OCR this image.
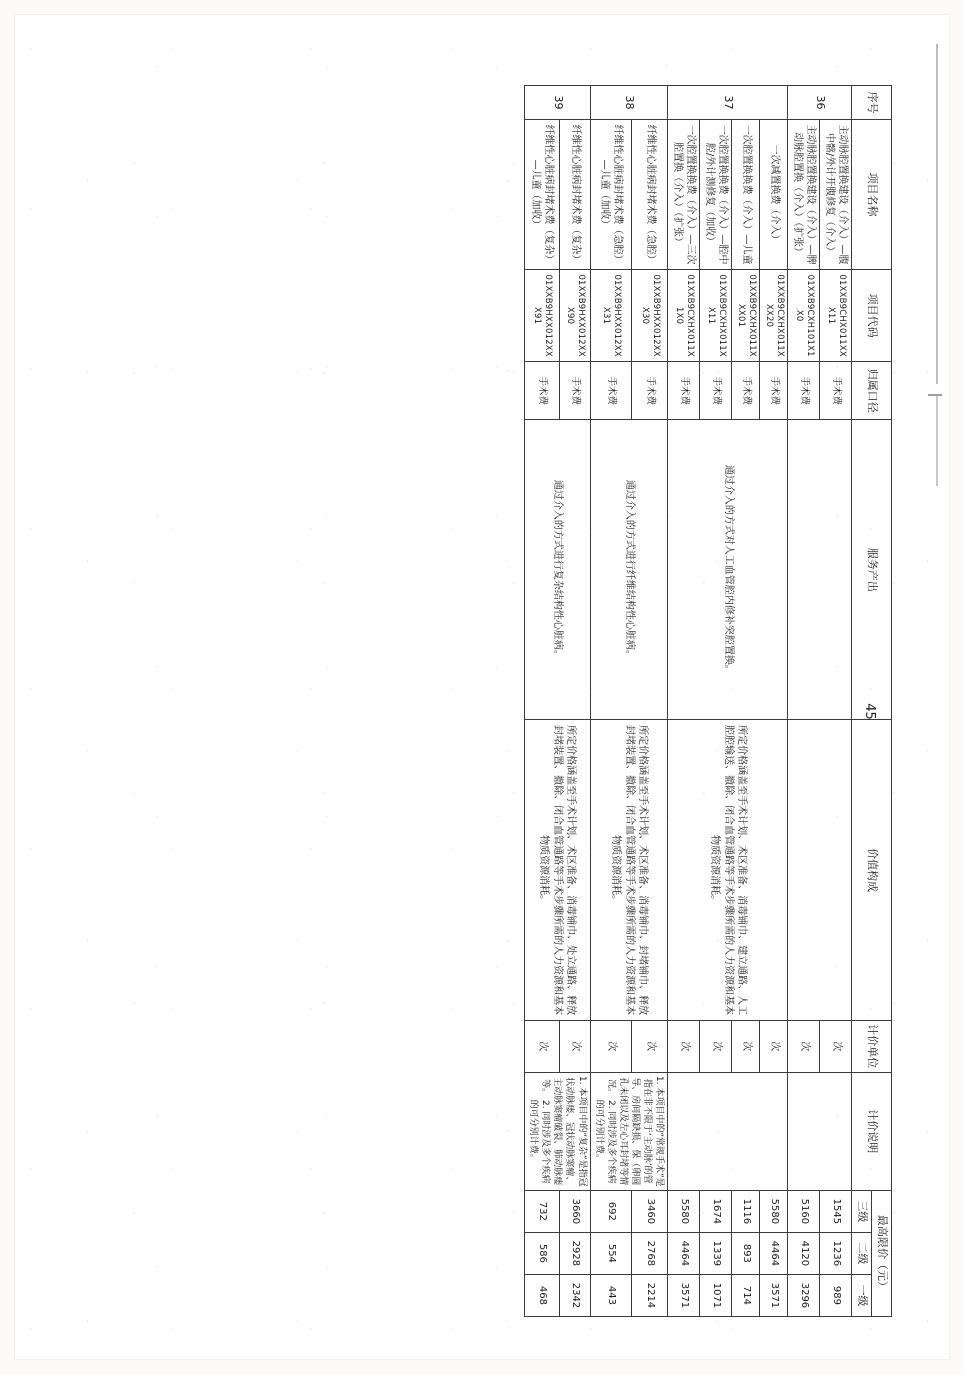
序号	项目名称	项目代码	归属口径	服务产出	价值构成	计价单位	计价说明	最高限价（元）		
								三级	二级	一级
36	主动脉腔置换建设（介入）—腹中髂/外计开腹修复（介入）	01XXB9CHX011XXX11	手术费			次		1545	1236	989
	主动脉腔置换建设（介入）—脾动脉腔置换（介入）（扩张）	01XXB9CXH101X1X0	手术费			次		5160	4120	3296
37	一次减置换费（介入）	01XXB9CXHX011XXX20	手术费	通过介入的方式对人工血管腔内修补突腔置换。	所定价格涵盖至手术计划、术区准备、消毒铺巾、建立通路、人工腔腔输送、撤除、闭合血管通路等手术步骤所需的人力资源和基本物质资源消耗。	次		5580	4464	3571
	一次腔置换换费（介入）—儿童	01XXB9CXHX011XXX01	手术费			次		1116	893	714
	一次腔置换换费（介入）—腔中腔/外计测修复（加收）	01XXB9CXHX011XX11	手术费			次		1674	1339	1071
	一次腔置换换费（介入）—三次腔置换（介入）（扩张）	01XXB9CXHX011X1X0	手术费			次		5580	4464	3571
38	纤维性心脏病封堵术费（急腔）	01XXB9HXX012XXX30	手术费	通过介入的方式进行纤维结构性心脏病。	所定价格涵盖至手术计划、术区准备、消毒铺巾、封堵铺巾、释放封堵装置、撤除、闭合血管通路等手术步骤所需的人力资源和基本物质资源消耗。	次	1. 本项目中的“常规手术”是指在非不限于‘主动脉’的管导、房间隔缺损、保（卵圆孔未闭以及左心耳封堵等情况。 2. 同时涉及多个疾病的可分别计费。	3460	2768	2214
	纤维性心脏病封堵术费（急腔）—儿童（加收）	01XXB9HXX012XXX31	手术费			次		692	554	443
39	纤维性心脏病封堵术费（复杂）	01XXB9HXX012XXX90	手术费	通过介入的方式进行复杂结构性心脏病。	所定价格涵盖至手术计划、术区准备、消毒铺巾、处立通路、释放封堵装置、撤除、闭合血管通路等手术步骤所需的人力资源和基本物质资源消耗。	次	1. 本项目中的“复杂”是指冠状动脉瘘、冠状动脉窦瘤、主动脉窦瘤破裂、肺动脉瘘等。 2. 同时涉及多个疾病的可分别计费。	3660	2928	2342
	纤维性心脏病封堵术费（复杂）—儿童（加收）	01XXB9HXX012XXX91	手术费			次		732	586	468
45
